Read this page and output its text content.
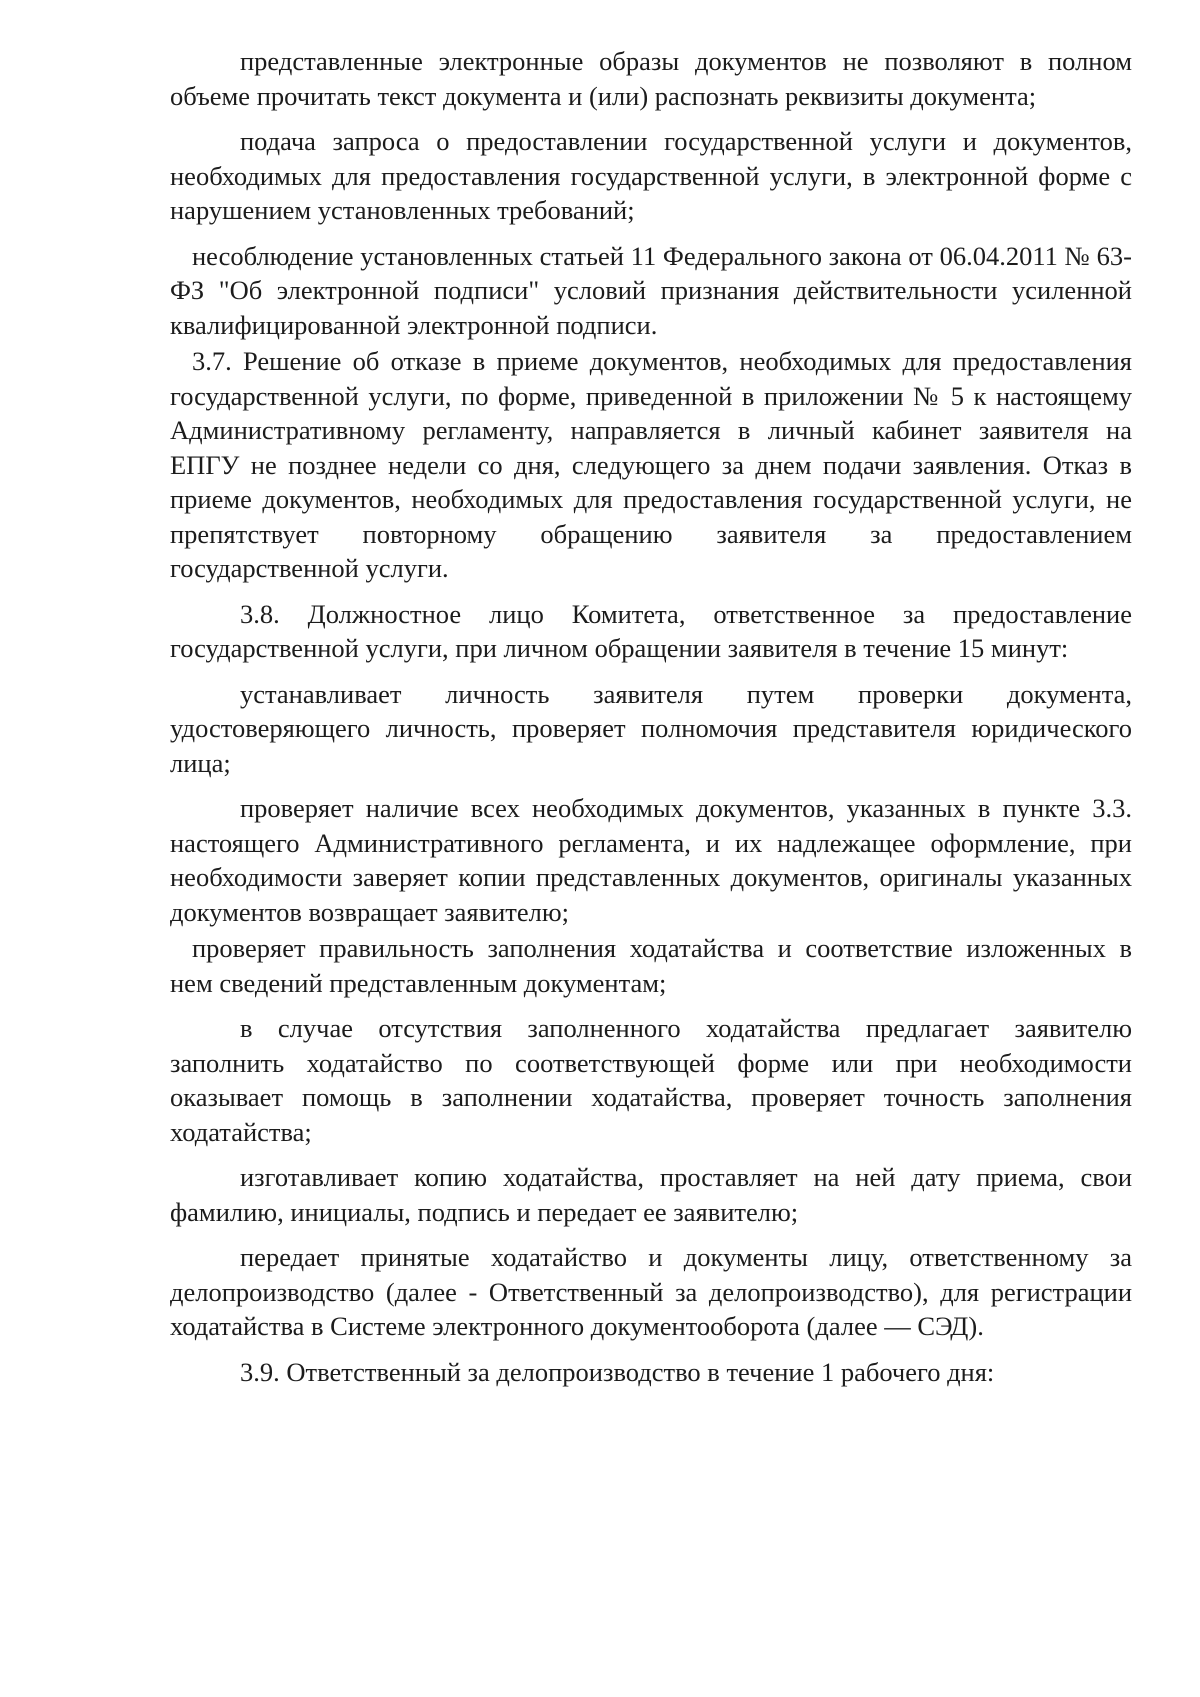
представленные электронные образы документов не позволяют в полном объеме прочитать текст документа и (или) распознать реквизиты документа;

подача запроса о предоставлении государственной услуги и документов, необходимых для предоставления государственной услуги, в электронной форме с нарушением установленных требований;

несоблюдение установленных статьей 11 Федерального закона от 06.04.2011 № 63-ФЗ "Об электронной подписи" условий признания действительности усиленной квалифицированной электронной подписи.

3.7. Решение об отказе в приеме документов, необходимых для предоставления государственной услуги, по форме, приведенной в приложении № 5 к настоящему Административному регламенту, направляется в личный кабинет заявителя на ЕПГУ не позднее недели со дня, следующего за днем подачи заявления. Отказ в приеме документов, необходимых для предоставления государственной услуги, не препятствует повторному обращению заявителя за предоставлением государственной услуги.

3.8. Должностное лицо Комитета, ответственное за предоставление государственной услуги, при личном обращении заявителя в течение 15 минут:

устанавливает личность заявителя путем проверки документа, удостоверяющего личность, проверяет полномочия представителя юридического лица;

проверяет наличие всех необходимых документов, указанных в пункте 3.3. настоящего Административного регламента, и их надлежащее оформление, при необходимости заверяет копии представленных документов, оригиналы указанных документов возвращает заявителю;

проверяет правильность заполнения ходатайства и соответствие изложенных в нем сведений представленным документам;

в случае отсутствия заполненного ходатайства предлагает заявителю заполнить ходатайство по соответствующей форме или при необходимости оказывает помощь в заполнении ходатайства, проверяет точность заполнения ходатайства;

изготавливает копию ходатайства, проставляет на ней дату приема, свои фамилию, инициалы, подпись и передает ее заявителю;

передает принятые ходатайство и документы лицу, ответственному за делопроизводство (далее - Ответственный за делопроизводство), для регистрации ходатайства в Системе электронного документооборота (далее — СЭД).

3.9. Ответственный за делопроизводство в течение 1 рабочего дня:
